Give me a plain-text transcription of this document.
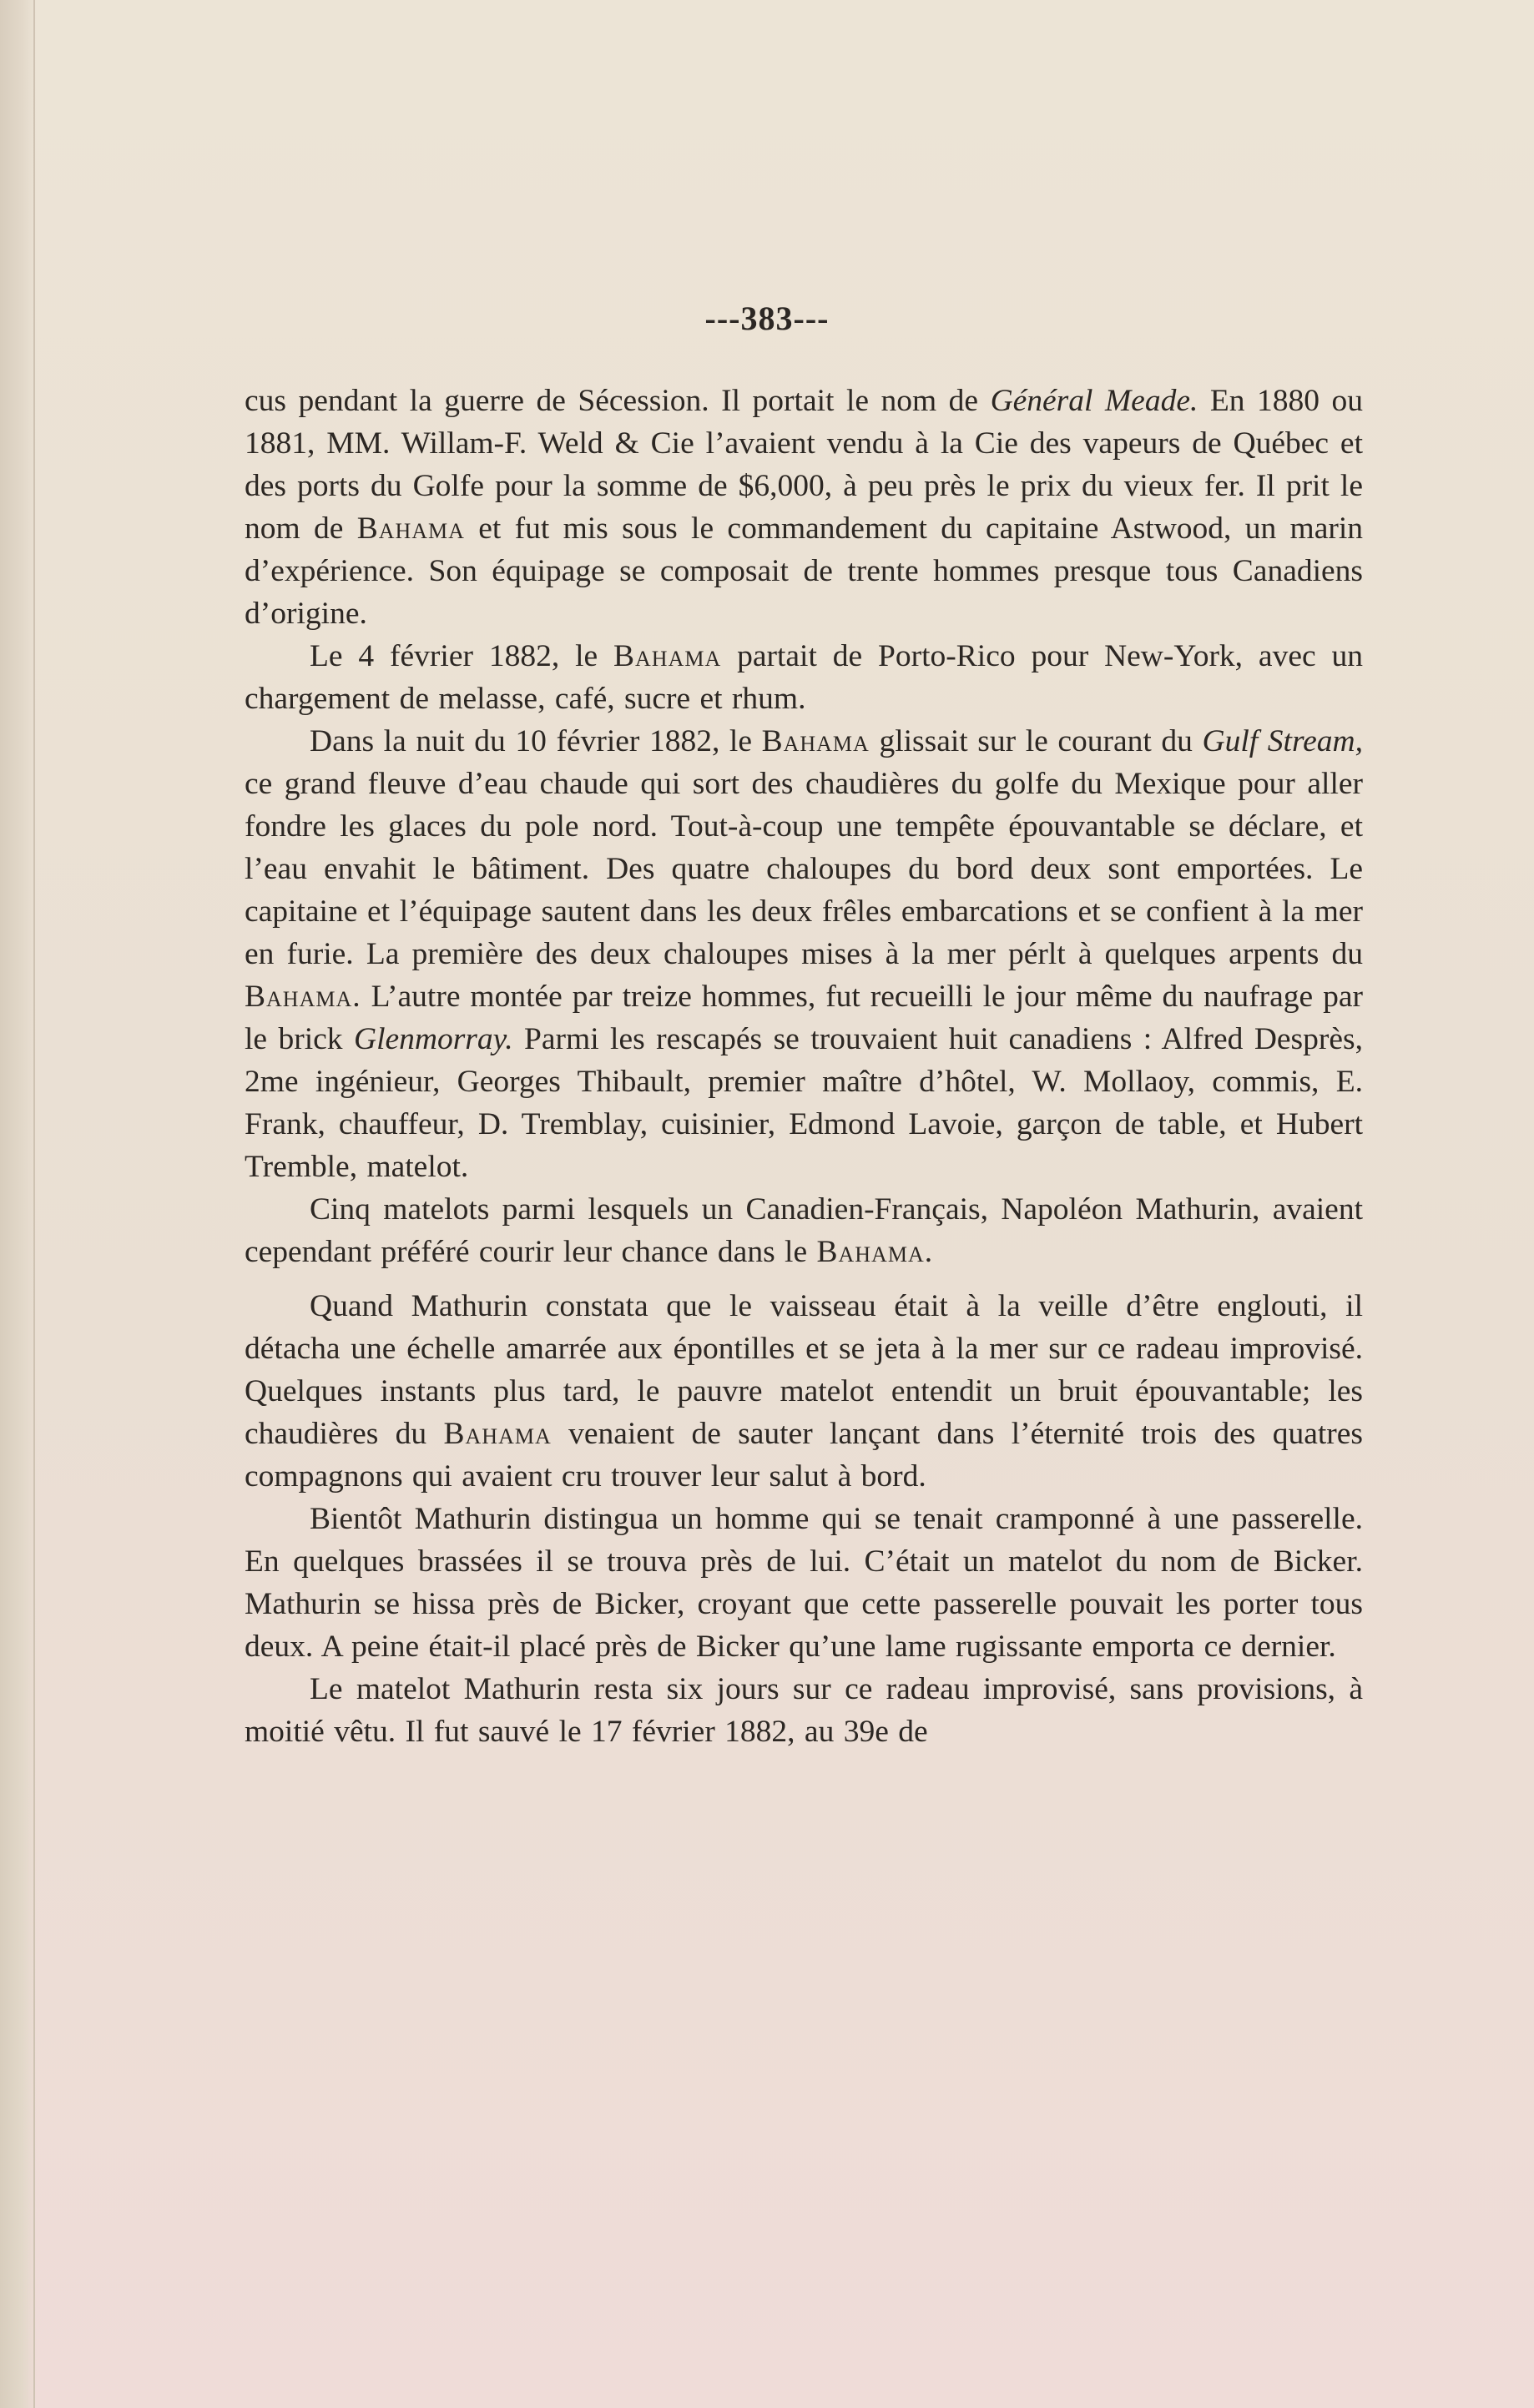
---383---

cus pendant la guerre de Sécession. Il portait le nom de Général Meade. En 1880 ou 1881, MM. Willam-F. Weld & Cie l’avaient vendu à la Cie des vapeurs de Québec et des ports du Golfe pour la somme de $6,000, à peu près le prix du vieux fer. Il prit le nom de Bahama et fut mis sous le commandement du capitaine Astwood, un marin d’expérience. Son équipage se composait de trente hommes presque tous Canadiens d’origine.

Le 4 février 1882, le Bahama partait de Porto-Rico pour New-York, avec un chargement de melasse, café, sucre et rhum.

Dans la nuit du 10 février 1882, le Bahama glissait sur le courant du Gulf Stream, ce grand fleuve d’eau chaude qui sort des chaudières du golfe du Mexique pour aller fondre les glaces du pole nord. Tout-à-coup une tempête épouvantable se déclare, et l’eau envahit le bâtiment. Des quatre chaloupes du bord deux sont emportées. Le capitaine et l’équipage sautent dans les deux frêles embarcations et se confient à la mer en furie. La première des deux chaloupes mises à la mer pérlt à quelques arpents du Bahama. L’autre montée par treize hommes, fut recueilli le jour même du naufrage par le brick Glenmorray. Parmi les rescapés se trouvaient huit canadiens : Alfred Desprès, 2me ingénieur, Georges Thibault, premier maître d’hôtel, W. Mollaoy, commis, E. Frank, chauffeur, D. Tremblay, cuisinier, Edmond Lavoie, garçon de table, et Hubert Tremble, matelot.

Cinq matelots parmi lesquels un Canadien-Français, Napoléon Mathurin, avaient cependant préféré courir leur chance dans le Bahama.

Quand Mathurin constata que le vaisseau était à la veille d’être englouti, il détacha une échelle amarrée aux épontilles et se jeta à la mer sur ce radeau improvisé. Quelques instants plus tard, le pauvre matelot entendit un bruit épouvantable; les chaudières du Bahama venaient de sauter lançant dans l’éternité trois des quatres compagnons qui avaient cru trouver leur salut à bord.

Bientôt Mathurin distingua un homme qui se tenait cramponné à une passerelle. En quelques brassées il se trouva près de lui. C’était un matelot du nom de Bicker. Mathurin se hissa près de Bicker, croyant que cette passerelle pouvait les porter tous deux. A peine était-il placé près de Bicker qu’une lame rugissante emporta ce dernier.

Le matelot Mathurin resta six jours sur ce radeau improvisé, sans provisions, à moitié vêtu. Il fut sauvé le 17 février 1882, au 39e de
